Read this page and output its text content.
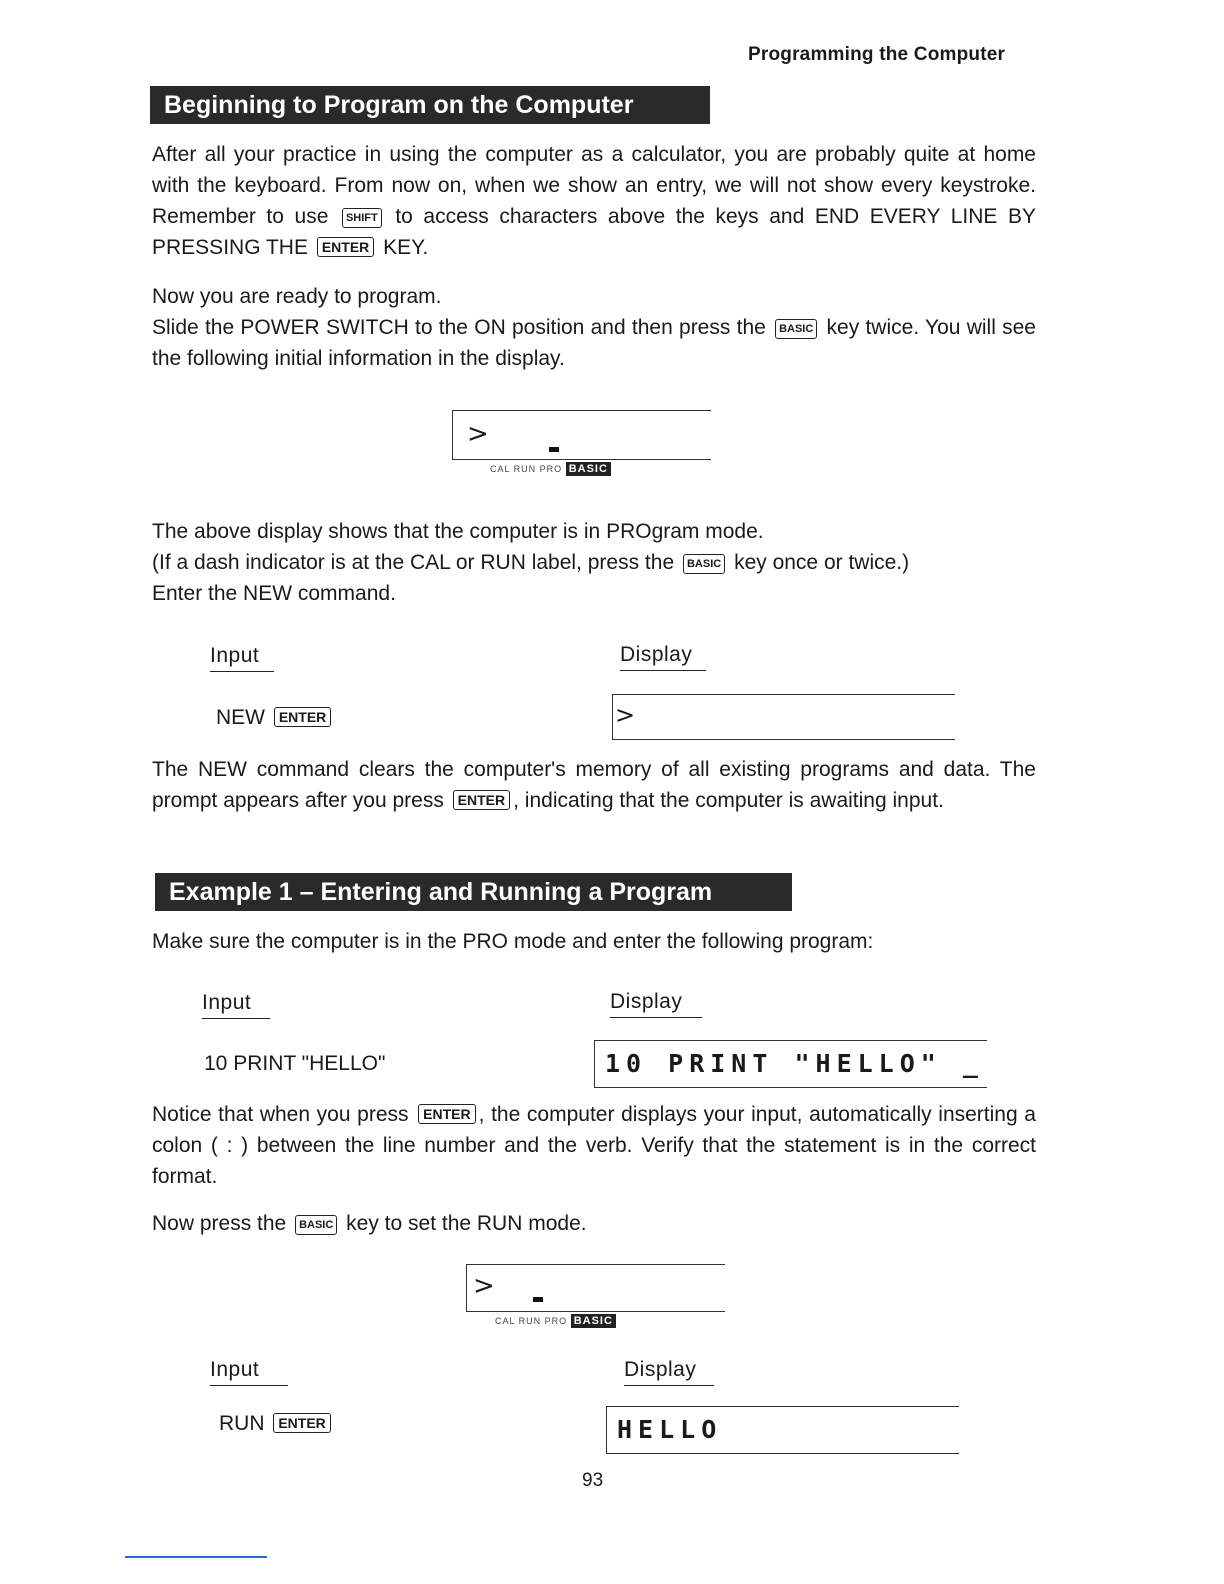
Programming the Computer
Beginning to Program on the Computer

After all your practice in using the computer as a calculator, you are probably quite at home with the keyboard. From now on, when we show an entry, we will not show every keystroke. Remember to use SHIFT to access characters above the keys and END EVERY LINE BY PRESSING THE ENTER KEY.

Now you are ready to program.

Slide the POWER SWITCH to the ON position and then press the BASIC key twice. You will see the following initial information in the display.

>
CAL RUN PRO BASIC

The above display shows that the computer is in PROgram mode.

(If a dash indicator is at the CAL or RUN label, press the BASIC key once or twice.)

Enter the NEW command.

Input	Display
NEW ENTER	>

The NEW command clears the computer's memory of all existing programs and data. The prompt appears after you press ENTER , indicating that the computer is awaiting input.

Example 1 – Entering and Running a Program
Make sure the computer is in the PRO mode and enter the following program:
Input	Display
10 PRINT "HELLO"	10 PRINT "HELLO" _

Notice that when you press ENTER , the computer displays your input, automatically inserting a colon ( : ) between the line number and the verb. Verify that the statement is in the correct format.

Now press the BASIC key to set the RUN mode.

>
CAL RUN PRO BASIC
Input	Display
RUN ENTER	HELLO
93
